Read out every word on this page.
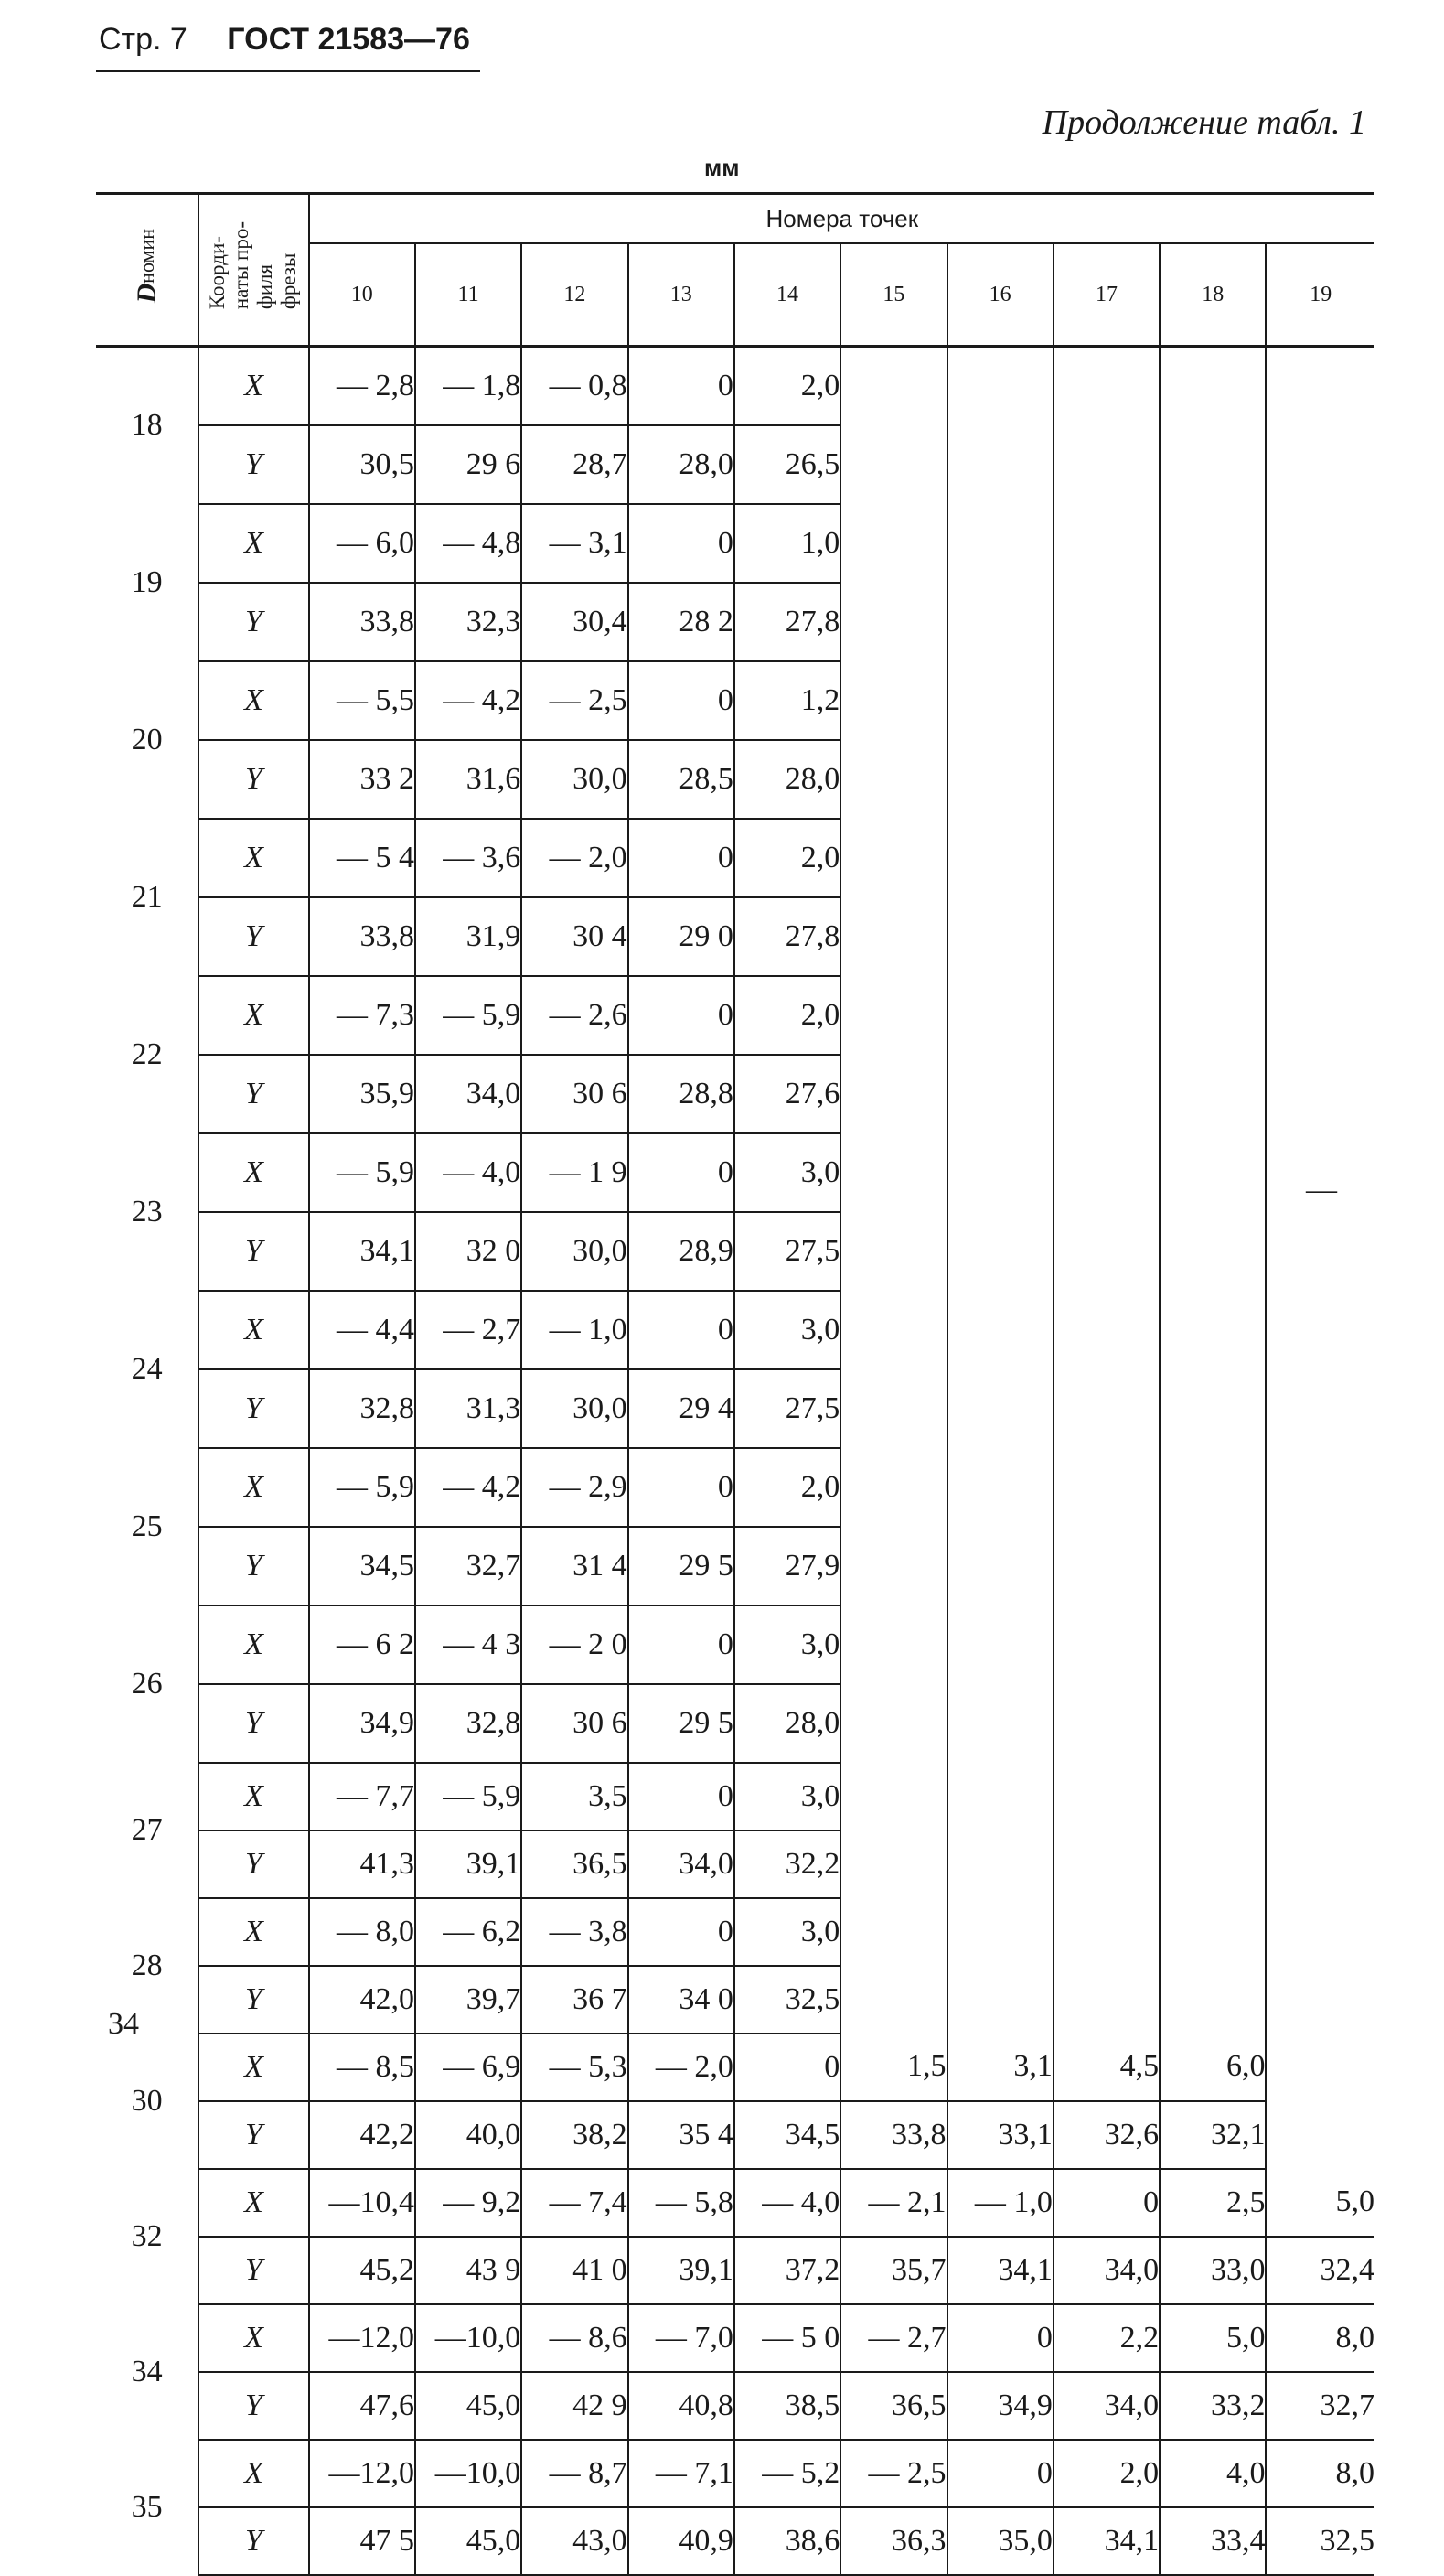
Стр. 7 ГОСТ 21583—76
Продолжение табл. 1
мм
Dномин	Коорди-
наты про-
филя
фрезы	Номера точек									
		10	11	12	13	14	15	16	17	18	19
18	X	— 2,8	— 1,8	— 0,8	0	2,0					
	Y	30,5	29 6	28,7	28,0	26,5					
19	X	— 6,0	— 4,8	— 3,1	0	1,0					
	Y	33,8	32,3	30,4	28 2	27,8					
20	X	— 5,5	— 4,2	— 2,5	0	1,2					
	Y	33 2	31,6	30,0	28,5	28,0					
21	X	— 5 4	— 3,6	— 2,0	0	2,0					
	Y	33,8	31,9	30 4	29 0	27,8					
22	X	— 7,3	— 5,9	— 2,6	0	2,0					
	Y	35,9	34,0	30 6	28,8	27,6					
23	X	— 5,9	— 4,0	— 1 9	0	3,0					
	Y	34,1	32 0	30,0	28,9	27,5					
24	X	— 4,4	— 2,7	— 1,0	0	3,0					
	Y	32,8	31,3	30,0	29 4	27,5					
25	X	— 5,9	— 4,2	— 2,9	0	2,0					
	Y	34,5	32,7	31 4	29 5	27,9					
26	X	— 6 2	— 4 3	— 2 0	0	3,0					
	Y	34,9	32,8	30 6	29 5	28,0					
27	X	— 7,7	— 5,9	3,5	0	3,0					
	Y	41,3	39,1	36,5	34,0	32,2					
28	X	— 8,0	— 6,2	— 3,8	0	3,0					
	Y	42,0	39,7	36 7	34 0	32,5					
30	X	— 8,5	— 6,9	— 5,3	— 2,0	0	1,5	3,1	4,5	6,0	
	Y	42,2	40,0	38,2	35 4	34,5	33,8	33,1	32,6	32,1	
32	X	—10,4	— 9,2	— 7,4	— 5,8	— 4,0	— 2,1	— 1,0	0	2,5	5,0
	Y	45,2	43 9	41 0	39,1	37,2	35,7	34,1	34,0	33,0	32,4
34	X	—12,0	—10,0	— 8,6	— 7,0	— 5 0	— 2,7	0	2,2	5,0	8,0
	Y	47,6	45,0	42 9	40,8	38,5	36,5	34,9	34,0	33,2	32,7
35	X	—12,0	—10,0	— 8,7	— 7,1	— 5,2	— 2,5	0	2,0	4,0	8,0
	Y	47 5	45,0	43,0	40,9	38,6	36,3	35,0	34,1	33,4	32,5
—
34
